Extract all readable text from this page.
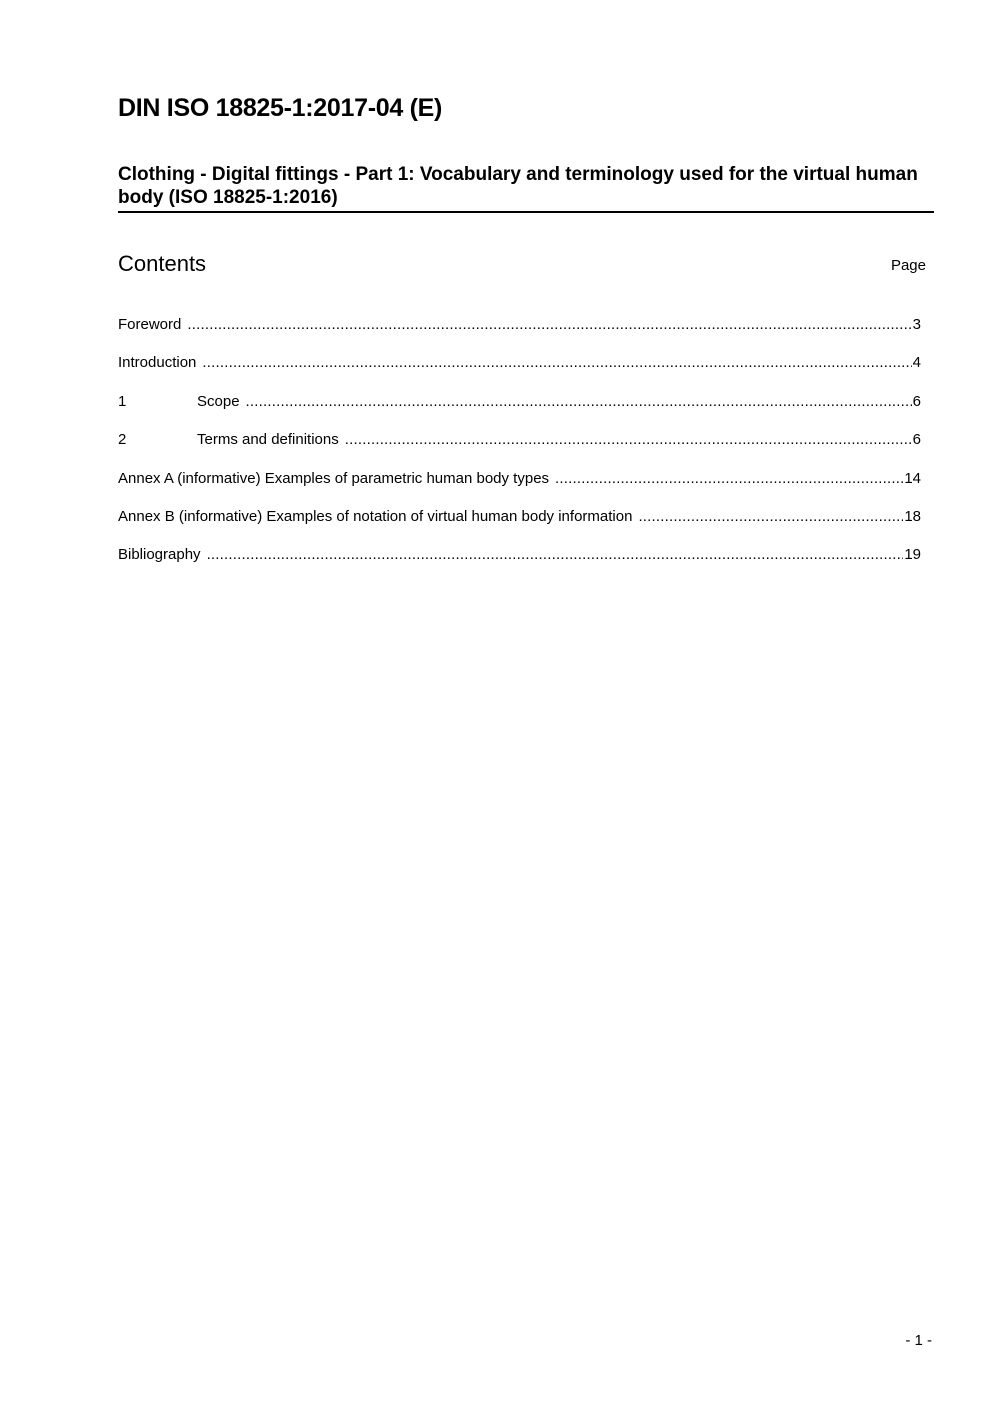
DIN ISO 18825-1:2017-04 (E)
Clothing - Digital fittings - Part 1: Vocabulary and terminology used for the virtual human body (ISO 18825-1:2016)
Contents	Page
Foreword .....	3
Introduction .....	4
1	Scope .....	6
2	Terms and definitions .....	6
Annex A (informative) Examples of parametric human body types .....	14
Annex B (informative) Examples of notation of virtual human body information .....	18
Bibliography .....	19
- 1 -
